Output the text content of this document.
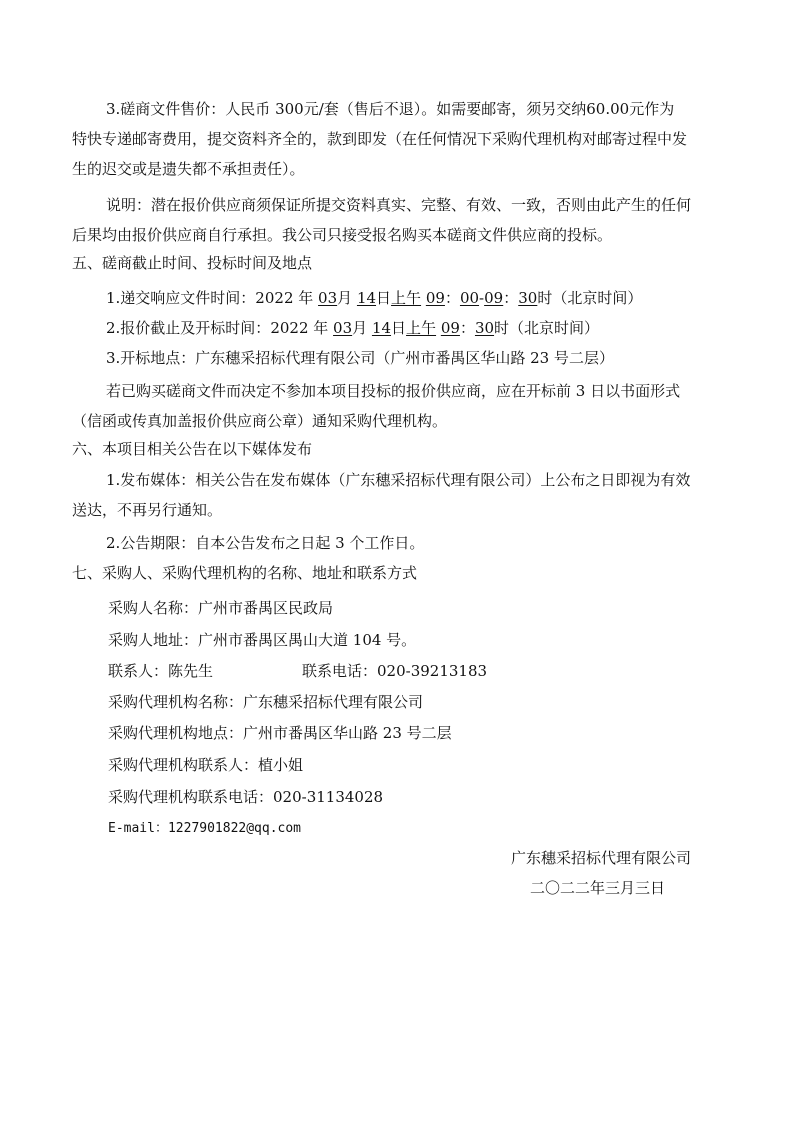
3.磋商文件售价：人民币 300元/套（售后不退）。如需要邮寄，须另交纳60.00元作为
特快专递邮寄费用，提交资料齐全的，款到即发（在任何情况下采购代理机构对邮寄过程中发
生的迟交或是遗失都不承担责任）。
说明：潜在报价供应商须保证所提交资料真实、完整、有效、一致，否则由此产生的任何
后果均由报价供应商自行承担。我公司只接受报名购买本磋商文件供应商的投标。
五、磋商截止时间、投标时间及地点
1.递交响应文件时间：2022 年 03月 14日上午 09：00-09：30时（北京时间）
2.报价截止及开标时间：2022 年 03月 14日上午 09：30时（北京时间）
3.开标地点：广东穗采招标代理有限公司（广州市番禺区华山路 23 号二层）
若已购买磋商文件而决定不参加本项目投标的报价供应商，应在开标前 3 日以书面形式
（信函或传真加盖报价供应商公章）通知采购代理机构。
六、本项目相关公告在以下媒体发布
1.发布媒体：相关公告在发布媒体（广东穗采招标代理有限公司）上公布之日即视为有效
送达，不再另行通知。
2.公告期限：自本公告发布之日起 3 个工作日。
七、采购人、采购代理机构的名称、地址和联系方式
采购人名称：广州市番禺区民政局
采购人地址：广州市番禺区禺山大道 104 号。
联系人：陈先生	联系电话：020-39213183
采购代理机构名称：广东穗采招标代理有限公司
采购代理机构地点：广州市番禺区华山路 23 号二层
采购代理机构联系人：植小姐
采购代理机构联系电话：020-31134028
E-mail：1227901822@qq.com
广东穗采招标代理有限公司
二〇二二年三月三日
